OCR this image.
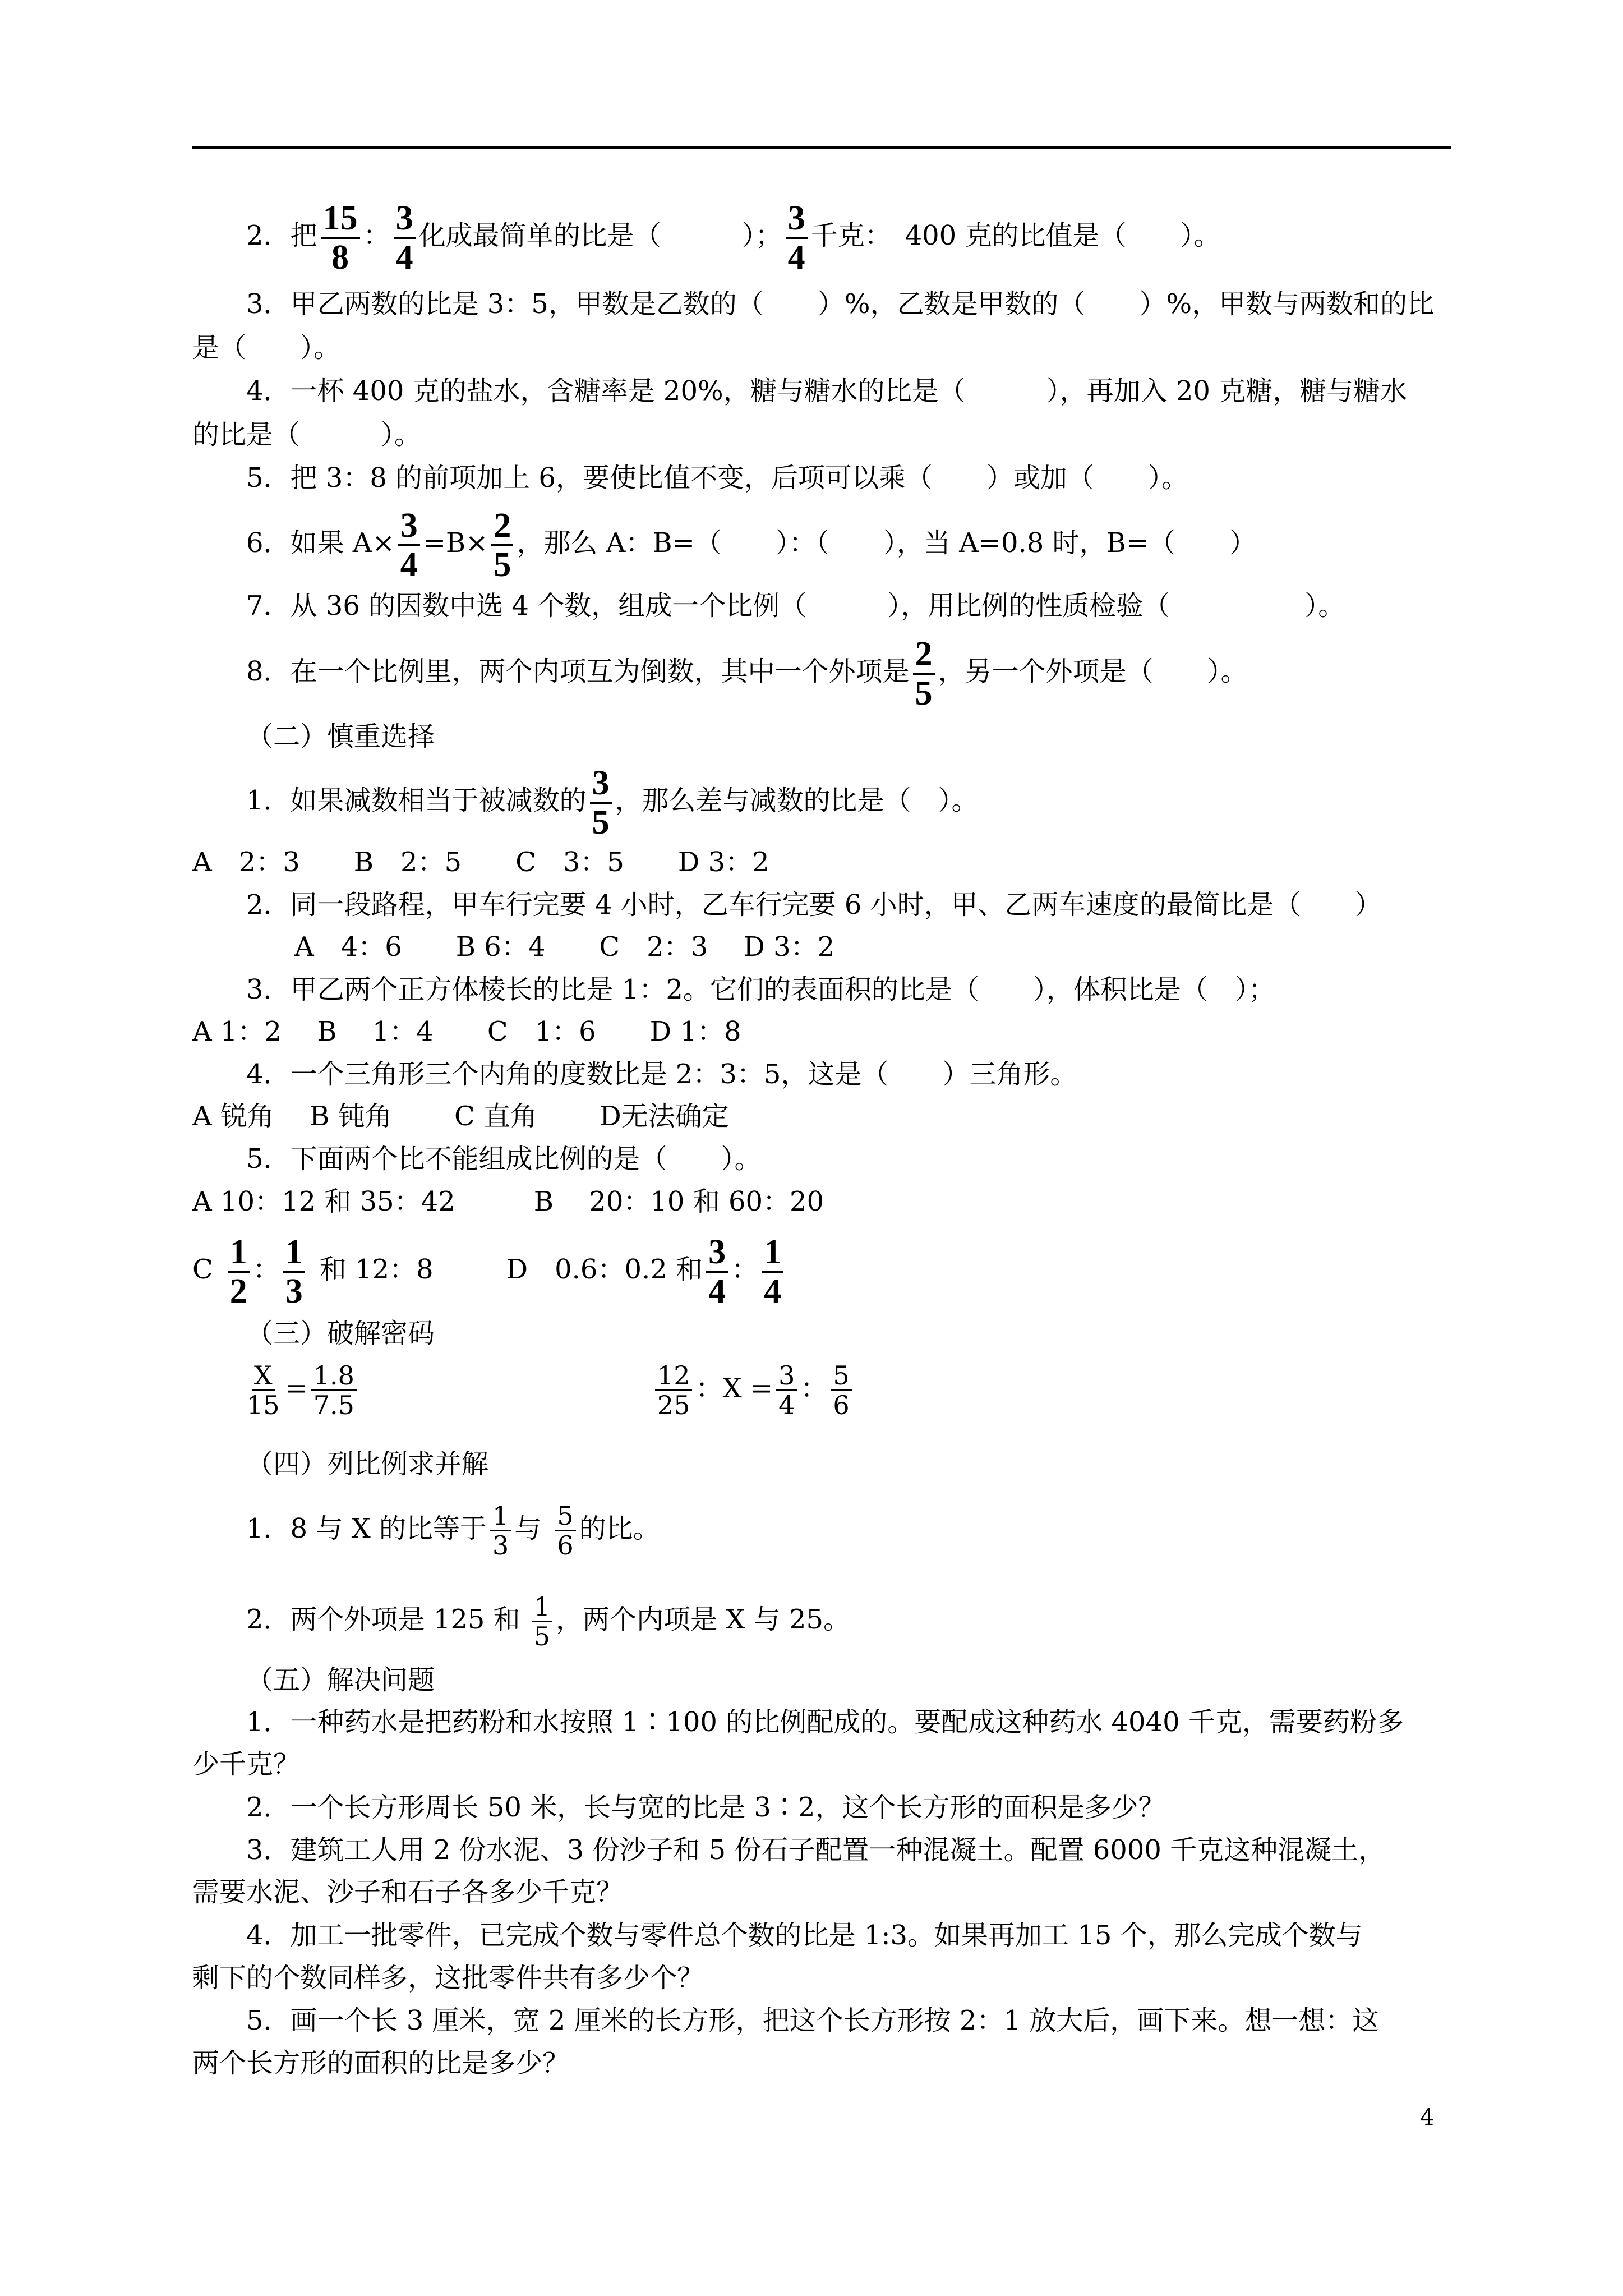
2．把 $\frac{15}{8}$ ： $\frac{3}{4}$ 化成最简单的比是（　　　）； $\frac{3}{4}$ 千克：　400 克的比值是（　　）。
3．甲乙两数的比是 3：5，甲数是乙数的（　　）%，乙数是甲数的（　　）%，甲数与两数和的比
是（　　）。
4．一杯 400 克的盐水，含糖率是 20%，糖与糖水的比是（　　　），再加入 20 克糖，糖与糖水
的比是（　　　）。
5．把 3：8 的前项加上 6，要使比值不变，后项可以乘（　　）或加（　　）。
6．如果 $A\times \frac{3}{4} =B\times \frac{2}{5}$ ，那么 A：B=（　　）：（　　），当 A=0.8 时，B=（　　）
7．从 36 的因数中选 4 个数，组成一个比例（　　　），用比例的性质检验（　　　　　）。
8．在一个比例里，两个内项互为倒数，其中一个外项是 $\frac{2}{5}$ ，另一个外项是（　　）。
（二）慎重选择
1．如果减数相当于被减数的 $\frac{3}{5}$ ，那么差与减数的比是（　）。
A　2：3　　B　2：5　　C　3：5　　D 3：2
2．同一段路程，甲车行完要 4 小时，乙车行完要 6 小时，甲、乙两车速度的最简比是（　　）
A　4：6　　B 6：4　　C　2：3　 D 3：2
3．甲乙两个正方体棱长的比是 1：2。它们的表面积的比是（　　），体积比是（　）；
A 1：2　 B　 1：4　　C　1：6　　D 1：8
4．一个三角形三个内角的度数比是 2：3：5，这是（　　）三角形。
A 锐角　 B 钝角　　 C 直角　　 D无法确定
5．下面两个比不能组成比例的是（　　）。
A 10：12 和 35：42	B　 20：10 和 60：20
C $\frac{1}{2}$ ： $\frac{1}{3}$ 和 12：8	D　0.6：0.2 和 $\frac{3}{4}$ ： $\frac{1}{4}$
（三）破解密码
$\frac{X}{15} = \frac{1.8}{7.5}$	$\frac{12}{25}$ ：$X = \frac{3}{4}$ ： $\frac{5}{6}$
（四）列比例求并解
1．8 与 X 的比等于 $\frac{1}{3}$ 与 $\frac{5}{6}$ 的比。
2．两个外项是 125 和 $\frac{1}{5}$ ，两个内项是 X 与 25。
（五）解决问题
1．一种药水是把药粉和水按照 1∶100 的比例配成的。要配成这种药水 4040 千克，需要药粉多
少千克？
2．一个长方形周长 50 米，长与宽的比是 3∶2，这个长方形的面积是多少？
3．建筑工人用 2 份水泥、3 份沙子和 5 份石子配置一种混凝土。配置 6000 千克这种混凝土，
需要水泥、沙子和石子各多少千克？
4．加工一批零件，已完成个数与零件总个数的比是 1:3。如果再加工 15 个，那么完成个数与
剩下的个数同样多，这批零件共有多少个？
5．画一个长 3 厘米，宽 2 厘米的长方形，把这个长方形按 2：1 放大后，画下来。想一想：这
两个长方形的面积的比是多少？
4
